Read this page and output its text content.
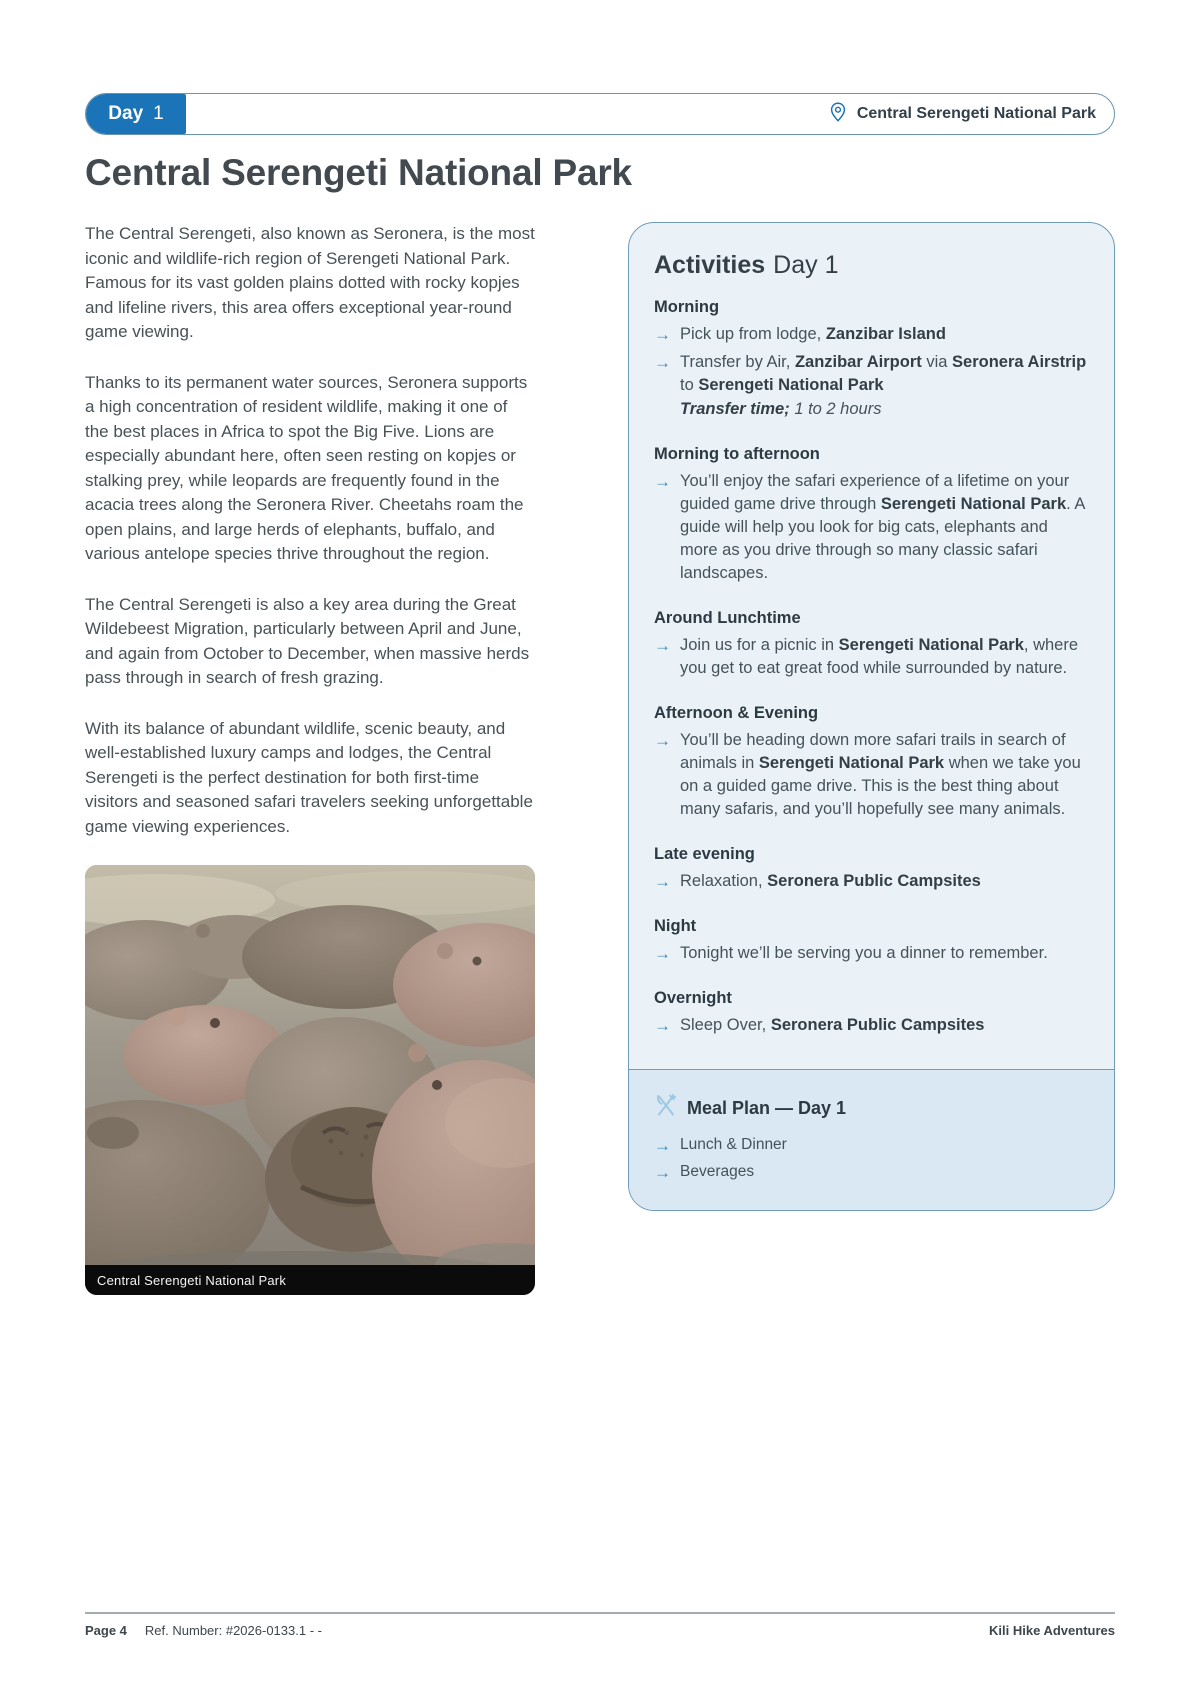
Day 1	Central Serengeti National Park
Central Serengeti National Park

The Central Serengeti, also known as Seronera, is the most iconic and wildlife-rich region of Serengeti National Park. Famous for its vast golden plains dotted with rocky kopjes and lifeline rivers, this area offers exceptional year-round game viewing.

Thanks to its permanent water sources, Seronera supports a high concentration of resident wildlife, making it one of the best places in Africa to spot the Big Five. Lions are especially abundant here, often seen resting on kopjes or stalking prey, while leopards are frequently found in the acacia trees along the Seronera River. Cheetahs roam the open plains, and large herds of elephants, buffalo, and various antelope species thrive throughout the region.

The Central Serengeti is also a key area during the Great Wildebeest Migration, particularly between April and June, and again from October to December, when massive herds pass through in search of fresh grazing.

With its balance of abundant wildlife, scenic beauty, and well-established luxury camps and lodges, the Central Serengeti is the perfect destination for both first-time visitors and seasoned safari travelers seeking unforgettable game viewing experiences.

Central Serengeti National Park
Activities Day 1
Morning
→ Pick up from lodge, Zanzibar Island
→ Transfer by Air, Zanzibar Airport via Seronera Airstrip to Serengeti National Park
Transfer time; 1 to 2 hours
Morning to afternoon
→ You’ll enjoy the safari experience of a lifetime on your guided game drive through Serengeti National Park. A guide will help you look for big cats, elephants and more as you drive through so many classic safari landscapes.
Around Lunchtime
→ Join us for a picnic in Serengeti National Park, where you get to eat great food while surrounded by nature.
Afternoon & Evening
→ You’ll be heading down more safari trails in search of animals in Serengeti National Park when we take you on a guided game drive. This is the best thing about many safaris, and you’ll hopefully see many animals.
Late evening
→ Relaxation, Seronera Public Campsites
Night
→ Tonight we’ll be serving you a dinner to remember.
Overnight
→ Sleep Over, Seronera Public Campsites
Meal Plan — Day 1
→ Lunch & Dinner
→ Beverages
Page 4 Ref. Number: #2026-0133.1 - -	Kili Hike Adventures
